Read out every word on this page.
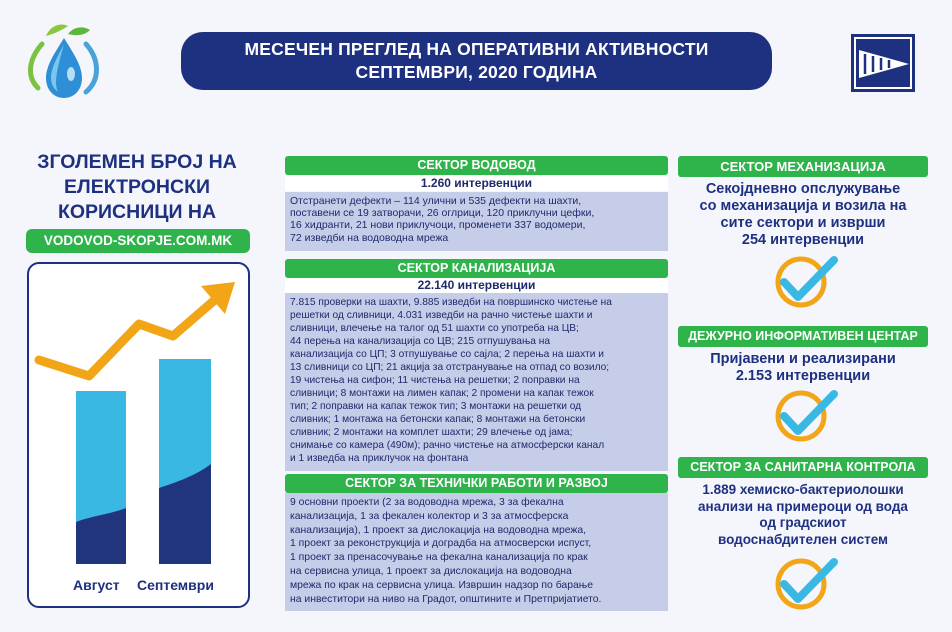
МЕСЕЧЕН ПРЕГЛЕД НА ОПЕРАТИВНИ АКТИВНОСТИ
СЕПТЕМВРИ, 2020 ГОДИНА
ЗГОЛЕМЕН БРОЈ НА
ЕЛЕКТРОНСКИ
КОРИСНИЦИ НА
VODOVOD-SKOPJE.COM.MK
Август Септември
СЕКТОР ВОДОВОД
1.260 интервенции
Отстранети дефекти – 114 улични и 535 дефекти на шахти,
поставени се 19 затворачи, 26 оглрици, 120 приклучни цефки,
16 хидранти, 21 нови приклучоци, променети 337 водомери,
72 изведби на водоводна мрежа
СЕКТОР КАНАЛИЗАЦИЈА
22.140 интервенции
7.815 проверки на шахти, 9.885 изведби на површинско чистење на
решетки од сливници, 4.031 изведби на рачно чистење шахти и
сливници, влечење на талог од 51 шахти со употреба на ЦВ;
44 перења на канализација со ЦВ; 215 отпушувања на
канализација со ЦП; 3 отпушување со сајла; 2 перења на шахти и
13 сливници со ЦП; 21 акција за отстранување на отпад со возило;
19 чистења на сифон; 11 чистења на решетки; 2 поправки на
сливници; 8 монтажи на лимен капак; 2 промени на капак тежок
тип; 2 поправки на капак тежок тип; 3 монтажи на решетки од
сливник; 1 монтажа на бетонски капак; 8 монтажи на бетонски
сливник; 2 монтажи на комплет шахти; 29 влечење од јама;
снимање со камера (490м); рачно чистење на атмосферски канал
и 1 изведба на приклучок на фонтана
СЕКТОР ЗА ТЕХНИЧКИ РАБОТИ И РАЗВОЈ
9 основни проекти (2 за водоводна мрежа, 3 за фекална
канализација, 1 за фекален колектор и 3 за атмосферска
канализација), 1 проект за дислокација на водоводна мрежа,
1 проект за реконструкција и доградба на атмосверски испуст,
1 проект за пренасочување на фекална канализација по крак
на сервисна улица, 1 проект за дислокација на водоводна
мрежа по крак на сервисна улица. Извршин надзор по барање
на инвеститори на ниво на Градот, општините и Претпријатието.
СЕКТОР МЕХАНИЗАЦИЈА
Секојдневно опслужување
со механизација и возила на
сите сектори и изврши
254 интервенции
ДЕЖУРНО ИНФОРМАТИВЕН ЦЕНТАР
Пријавени и реализирани
2.153 интервенции
СЕКТОР ЗА САНИТАРНА КОНТРОЛА
1.889 хемиско-бактериолошки
анализи на примероци од вода
од градскиот
водоснабдителен систем
